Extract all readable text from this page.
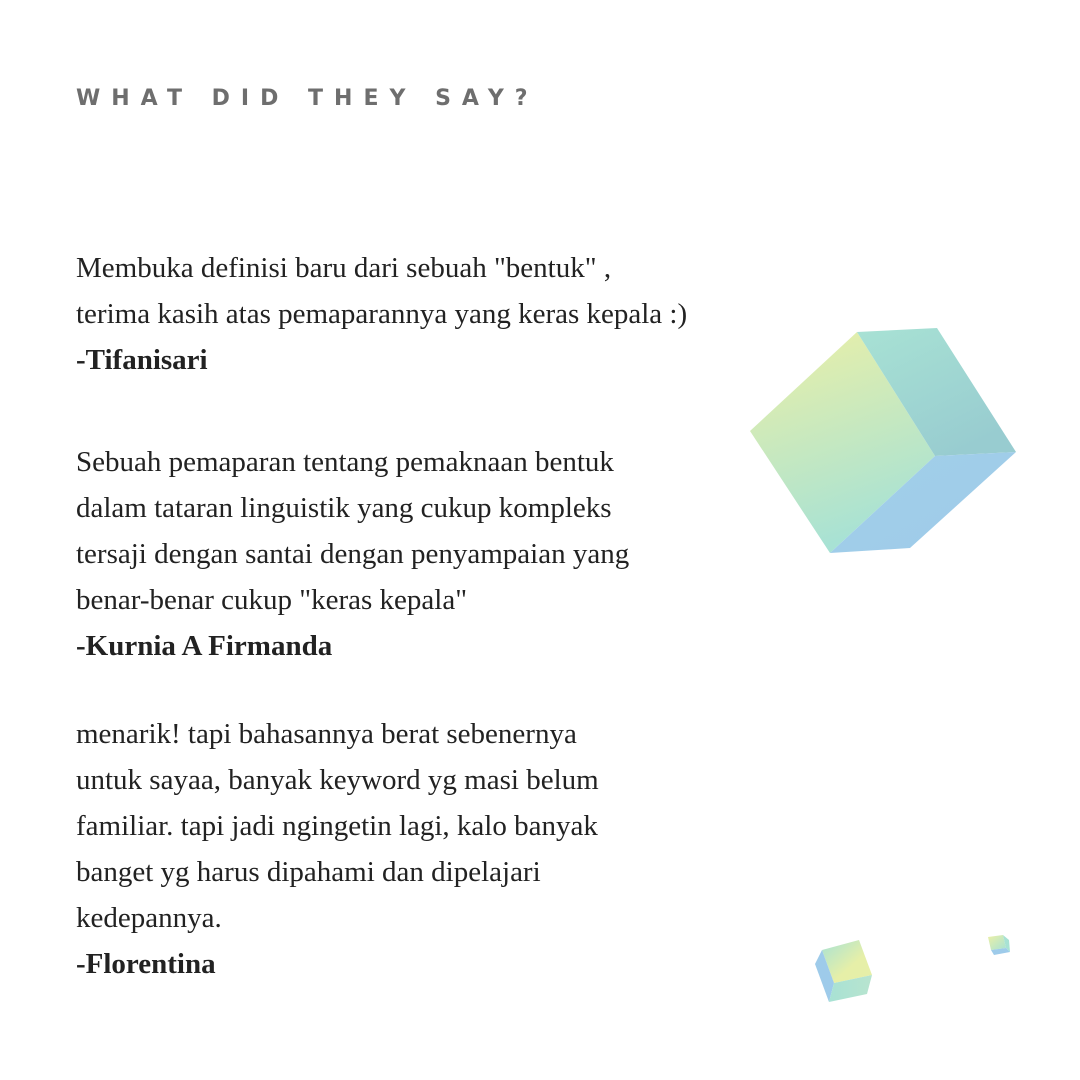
WHAT DID THEY SAY?
Membuka definisi baru dari sebuah "bentuk" ,
terima kasih atas pemaparannya yang keras kepala :)
-Tifanisari
Sebuah pemaparan tentang pemaknaan bentuk
dalam tataran linguistik yang cukup kompleks
tersaji dengan santai dengan penyampaian yang
benar-benar cukup "keras kepala"
-Kurnia A Firmanda
menarik! tapi bahasannya berat sebenernya
untuk sayaa, banyak keyword yg masi belum
familiar. tapi jadi ngingetin lagi, kalo banyak
banget yg harus dipahami dan dipelajari
kedepannya.
-Florentina
